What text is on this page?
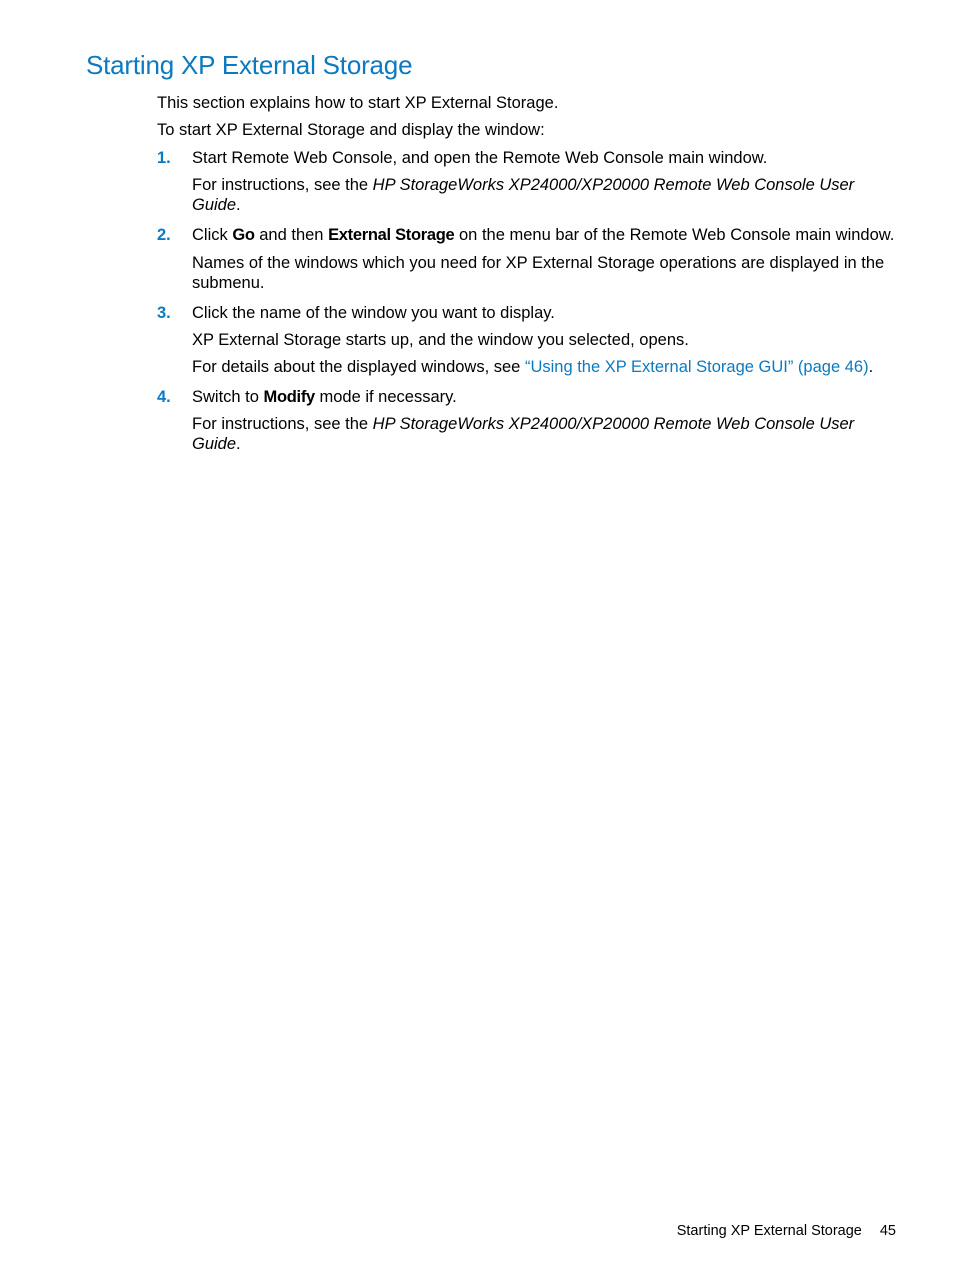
Starting XP External Storage

This section explains how to start XP External Storage.

To start XP External Storage and display the window:

1. Start Remote Web Console, and open the Remote Web Console main window.

For instructions, see the HP StorageWorks XP24000/XP20000 Remote Web Console User Guide.

2. Click Go and then External Storage on the menu bar of the Remote Web Console main window.

Names of the windows which you need for XP External Storage operations are displayed in the submenu.

3. Click the name of the window you want to display.

XP External Storage starts up, and the window you selected, opens.

For details about the displayed windows, see “Using the XP External Storage GUI” (page 46).

4. Switch to Modify mode if necessary.

For instructions, see the HP StorageWorks XP24000/XP20000 Remote Web Console User Guide.

Starting XP External Storage 45
